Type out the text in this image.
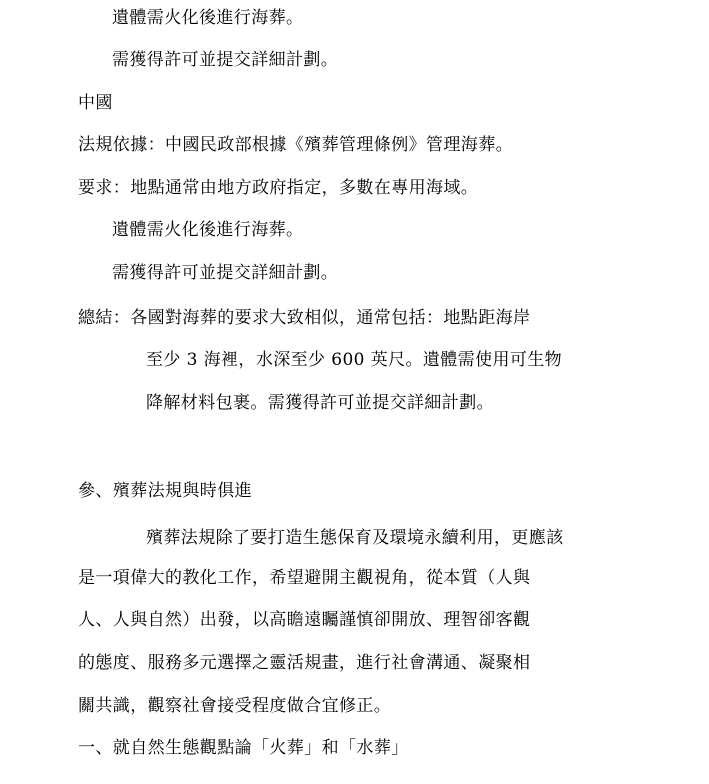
遺體需火化後進行海葬。
需獲得許可並提交詳細計劃。
中國
法規依據：中國民政部根據《殯葬管理條例》管理海葬。
要求：地點通常由地方政府指定，多數在專用海域。
遺體需火化後進行海葬。
需獲得許可並提交詳細計劃。
總結：各國對海葬的要求大致相似，通常包括：地點距海岸
至少 3 海裡，水深至少 600 英尺。遺體需使用可生物
降解材料包裹。需獲得許可並提交詳細計劃。
參、殯葬法規與時俱進
殯葬法規除了要打造生態保育及環境永續利用，更應該
是一項偉大的教化工作，希望避開主觀視角，從本質（人與
人、人與自然）出發，以高瞻遠矚謹慎卻開放、理智卻客觀
的態度、服務多元選擇之靈活規畫，進行社會溝通、凝聚相
關共識，觀察社會接受程度做合宜修正。
一、就自然生態觀點論「火葬」和「水葬」
